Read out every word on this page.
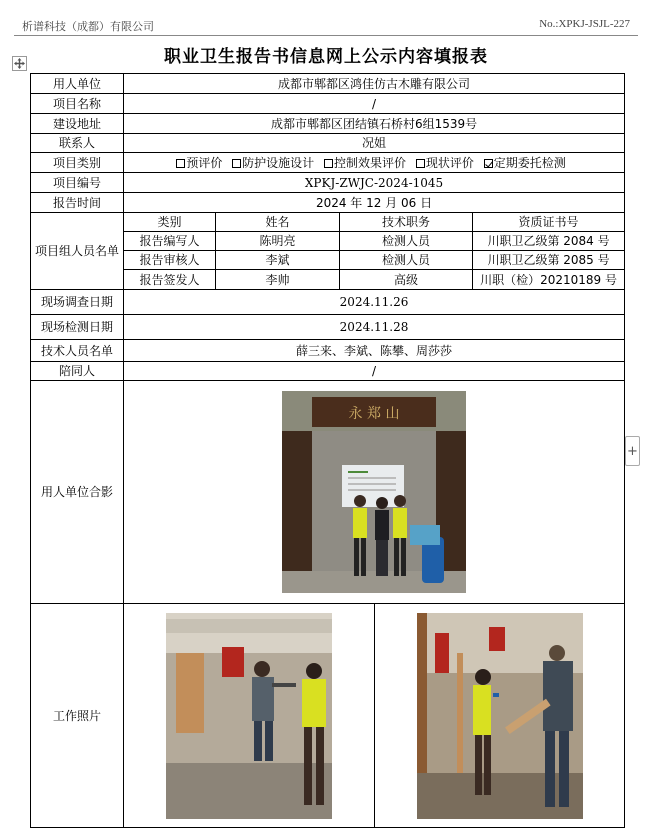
析谱科技（成都）有限公司	No.:XPKJ-JSJL-227
职业卫生报告书信息网上公示内容填报表
+
用人单位	成都市郫都区鸿佳仿古木雕有限公司				
项目名称	/				
建设地址	成都市郫都区团结镇石桥村6组1539号				
联系人	况姐				
项目类别	预评价 防护设施设计 控制效果评价 现状评价 定期委托检测				
项目编号	XPKJ-ZWJC-2024-1045				
报告时间	2024 年 12 月 06 日				
项目组人员名单	类别	姓名	技术职务		资质证书号
	报告编写人	陈明亮	检测人员		川职卫乙级第 2084 号
	报告审核人	李斌	检测人员		川职卫乙级第 2085 号
	报告签发人	李帅	高级		川职（检）20210189 号
现场调查日期	2024.11.26				
现场检测日期	2024.11.28				
技术人员名单	薛三来、李斌、陈攀、周莎莎				
陪同人	/				
用人单位合影	永 郑 山				

工作照片	
